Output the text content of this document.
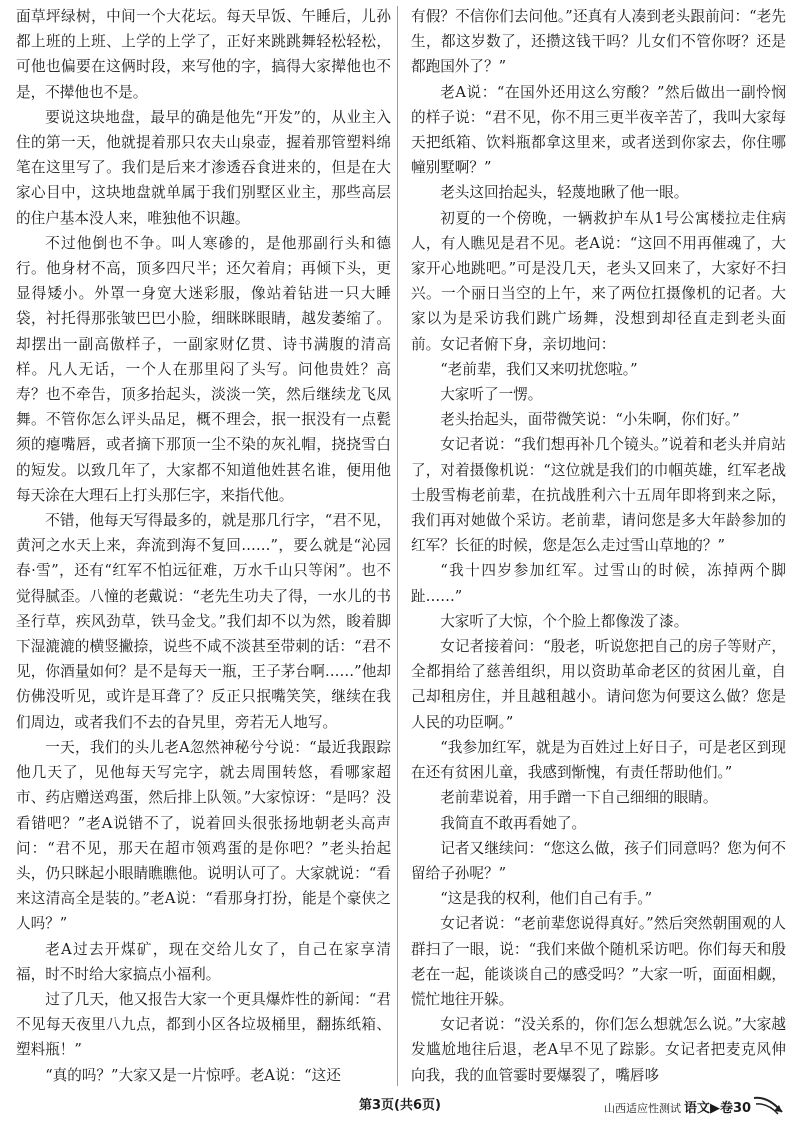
面草坪绿树，中间一个大花坛。每天早饭、午睡后，儿孙都上班的上班、上学的上学了，正好来跳跳舞轻松轻松，可他也偏要在这俩时段，来写他的字，搞得大家撵他也不是，不撵他也不是。

要说这块地盘，最早的确是他先“开发”的，从业主入住的第一天，他就提着那只农夫山泉壶，握着那管塑料绵笔在这里写了。我们是后来才渗透吞食进来的，但是在大家心目中，这块地盘就单属于我们别墅区业主，那些高层的住户基本没人来，唯独他不识趣。

不过他倒也不争。叫人寒碜的，是他那副行头和德行。他身材不高，顶多四尺半；还欠着肩；再倾下头，更显得矮小。外罩一身宽大迷彩服，像站着钻进一只大睡袋，衬托得那张皱巴巴小脸，细眯眯眼睛，越发萎缩了。却摆出一副高傲样子，一副家财亿贯、诗书满腹的清高样。凡人无话，一个人在那里闷了头写。问他贵姓？高寿？也不牵告，顶多抬起头，淡淡一笑，然后继续龙飞凤舞。不管你怎么评头品足，概不理会，抿一抿没有一点甏须的瘪嘴唇，或者摘下那顶一尘不染的灰礼帽，挠挠雪白的短发。以致几年了，大家都不知道他姓甚名谁，便用他每天涂在大理石上打头那仨字，来指代他。

不错，他每天写得最多的，就是那几行字，“君不见，黄河之水天上来，奔流到海不复回……”，要么就是“沁园春·雪”，还有“红军不怕远征难，万水千山只等闲”。也不觉得腻歪。八憧的老戴说：“老先生功夫了得，一水儿的书圣行草，疾风劲草，铁马金戈。”我们却不以为然，睃着脚下湿漉漉的横竖撇捺，说些不咸不淡甚至带刺的话：“君不见，你酒量如何？是不是每天一瓶，王子茅台啊……”他却仿佛没听见，或许是耳聋了？反正只抿嘴笑笑，继续在我们周边，或者我们不去的旮旯里，旁若无人地写。

一天，我们的头儿老A忽然神秘兮兮说：“最近我跟踪他几天了，见他每天写完字，就去周围转悠，看哪家超市、药店赠送鸡蛋，然后排上队领。”大家惊讶：“是吗？没看错吧？”老A说错不了，说着回头很张扬地朝老头高声问：“君不见，那天在超市领鸡蛋的是你吧？”老头抬起头，仍只眯起小眼睛瞧瞧他。说明认可了。大家就说：“看来这清高全是装的。”老A说：“看那身打扮，能是个豪侠之人吗？”

老A过去开煤矿，现在交给儿女了，自己在家享清福，时不时给大家搞点小福利。

过了几天，他又报告大家一个更具爆炸性的新闻：“君不见每天夜里八九点，都到小区各垃圾桶里，翻拣纸箱、塑料瓶！”

“真的吗？”大家又是一片惊呼。老A说：“这还

有假？不信你们去问他。”还真有人凑到老头跟前问：“老先生，都这岁数了，还攒这钱干吗？儿女们不管你呀？还是都跑国外了？”

老A说：“在国外还用这么穷酸？”然后做出一副怜悯的样子说：“君不见，你不用三更半夜辛苦了，我叫大家每天把纸箱、饮料瓶都拿这里来，或者送到你家去，你住哪幢别墅啊？”

老头这回抬起头，轻蔑地瞅了他一眼。

初夏的一个傍晚，一辆救护车从1号公寓楼拉走住病人，有人瞧见是君不见。老A说：“这回不用再催魂了，大家开心地跳吧。”可是没几天，老头又回来了，大家好不扫兴。一个丽日当空的上午，来了两位扛摄像机的记者。大家以为是采访我们跳广场舞，没想到却径直走到老头面前。女记者俯下身，亲切地问：

“老前辈，我们又来叨扰您啦。”

大家听了一愣。

老头抬起头，面带微笑说：“小朱啊，你们好。”

女记者说：“我们想再补几个镜头。”说着和老头并肩站了，对着摄像机说：“这位就是我们的巾帼英雄，红军老战士殷雪梅老前辈，在抗战胜利六十五周年即将到来之际，我们再对她做个采访。老前辈，请问您是多大年龄参加的红军？长征的时候，您是怎么走过雪山草地的？”

“我十四岁参加红军。过雪山的时候，冻掉两个脚趾……”

大家听了大惊，个个脸上都像泼了漆。

女记者接着问：“殷老，听说您把自己的房子等财产，全都捐给了慈善组织，用以资助革命老区的贫困儿童，自己却租房住，并且越租越小。请问您为何要这么做？您是人民的功臣啊。”

“我参加红军，就是为百姓过上好日子，可是老区到现在还有贫困儿童，我感到惭愧，有责任帮助他们。”

老前辈说着，用手蹭一下自己细细的眼睛。

我简直不敢再看她了。

记者又继续问：“您这么做，孩子们同意吗？您为何不留给子孙呢？”

“这是我的权利，他们自己有手。”

女记者说：“老前辈您说得真好。”然后突然朝围观的人群扫了一眼，说：“我们来做个随机采访吧。你们每天和殷老在一起，能谈谈自己的感受吗？”大家一听，面面相觑，慌忙地往开躲。

女记者说：“没关系的，你们怎么想就怎么说。”大家越发尴尬地往后退，老A早不见了踪影。女记者把麦克风伸向我，我的血管霎时要爆裂了，嘴唇哆

第3页(共6页)	山西适应性测试 语文▶卷30
